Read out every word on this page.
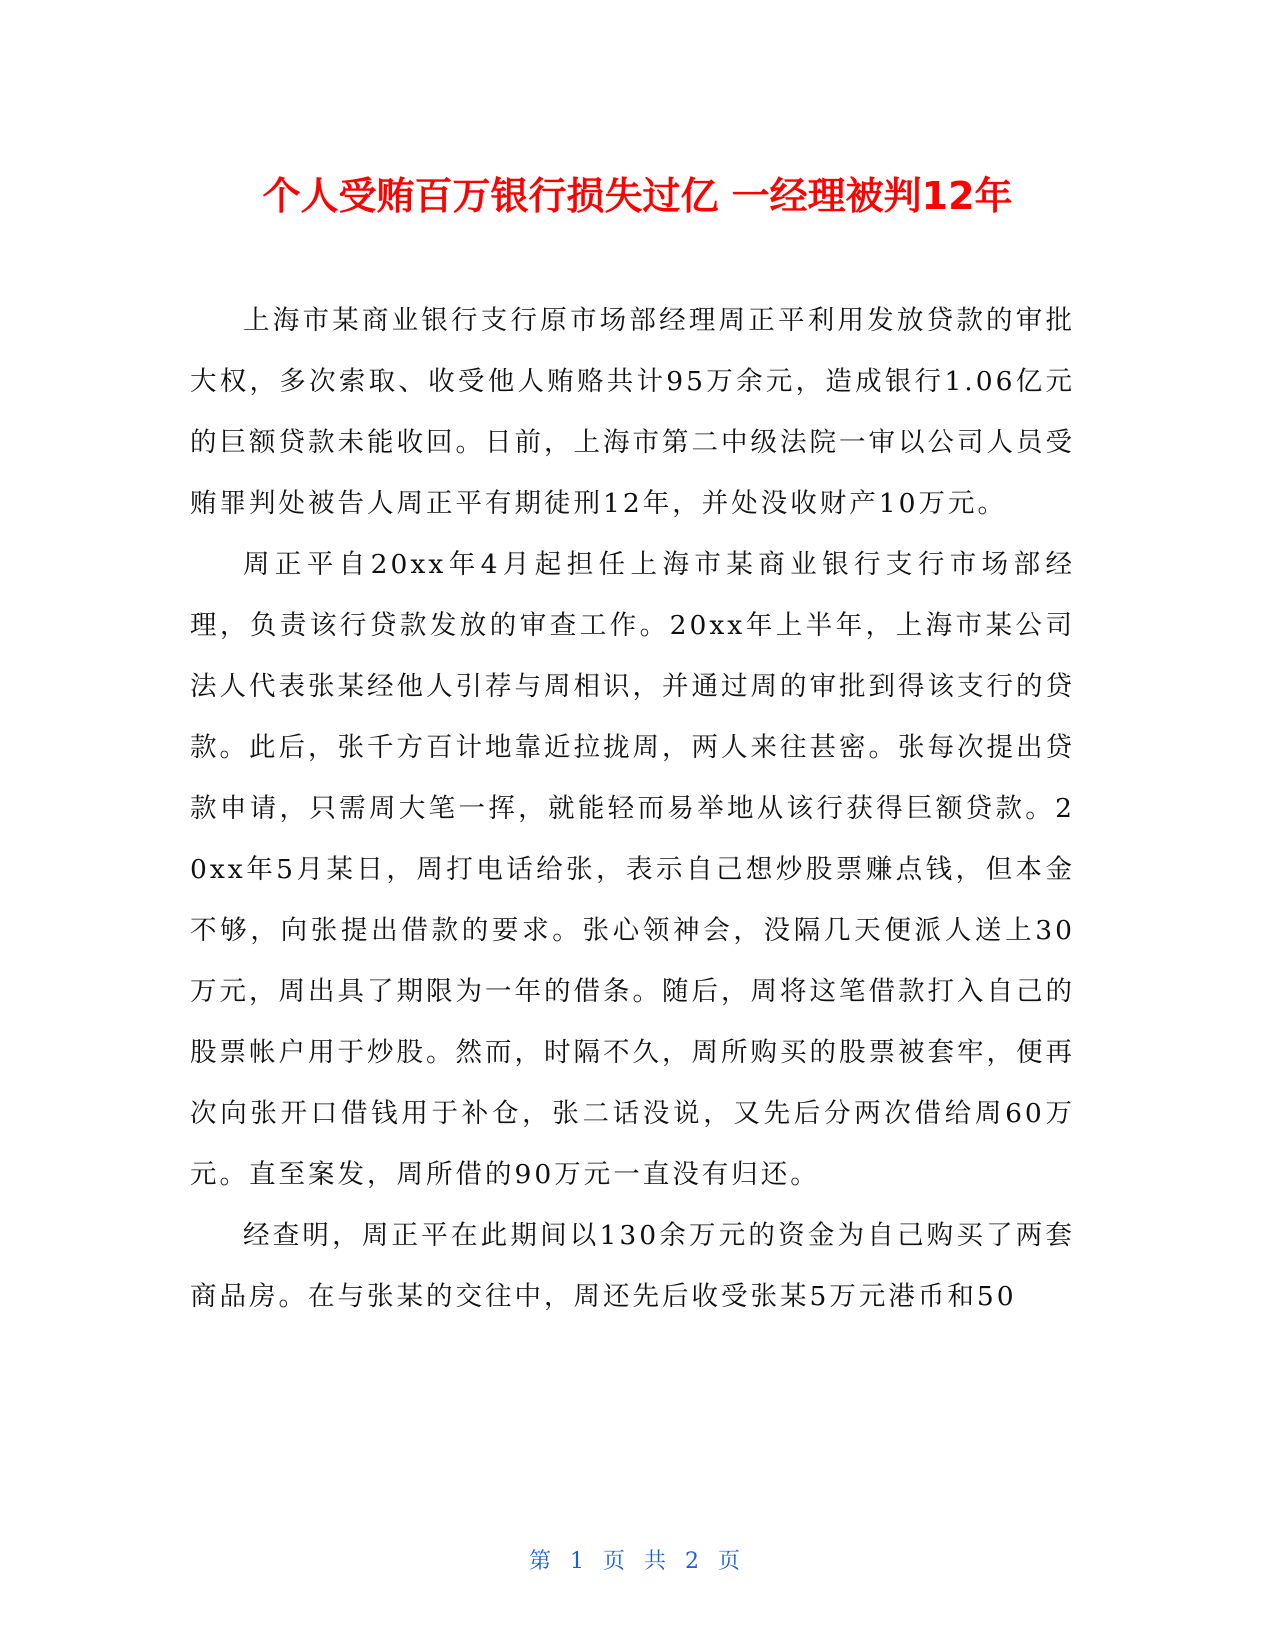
个人受贿百万银行损失过亿 一经理被判12年

上海市某商业银行支行原市场部经理周正平利用发放贷款的审批大权，多次索取、收受他人贿赂共计95万余元，造成银行1.06亿元的巨额贷款未能收回。日前，上海市第二中级法院一审以公司人员受贿罪判处被告人周正平有期徒刑12年，并处没收财产10万元。

周正平自20xx年4月起担任上海市某商业银行支行市场部经理，负责该行贷款发放的审查工作。20xx年上半年，上海市某公司法人代表张某经他人引荐与周相识，并通过周的审批到得该支行的贷款。此后，张千方百计地靠近拉拢周，两人来往甚密。张每次提出贷款申请，只需周大笔一挥，就能轻而易举地从该行获得巨额贷款。20xx年5月某日，周打电话给张，表示自己想炒股票赚点钱，但本金不够，向张提出借款的要求。张心领神会，没隔几天便派人送上30万元，周出具了期限为一年的借条。随后，周将这笔借款打入自己的股票帐户用于炒股。然而，时隔不久，周所购买的股票被套牢，便再次向张开口借钱用于补仓，张二话没说，又先后分两次借给周60万元。直至案发，周所借的90万元一直没有归还。

经查明，周正平在此期间以130余万元的资金为自己购买了两套商品房。在与张某的交往中，周还先后收受张某5万元港币和50

第 1 页 共 2 页
